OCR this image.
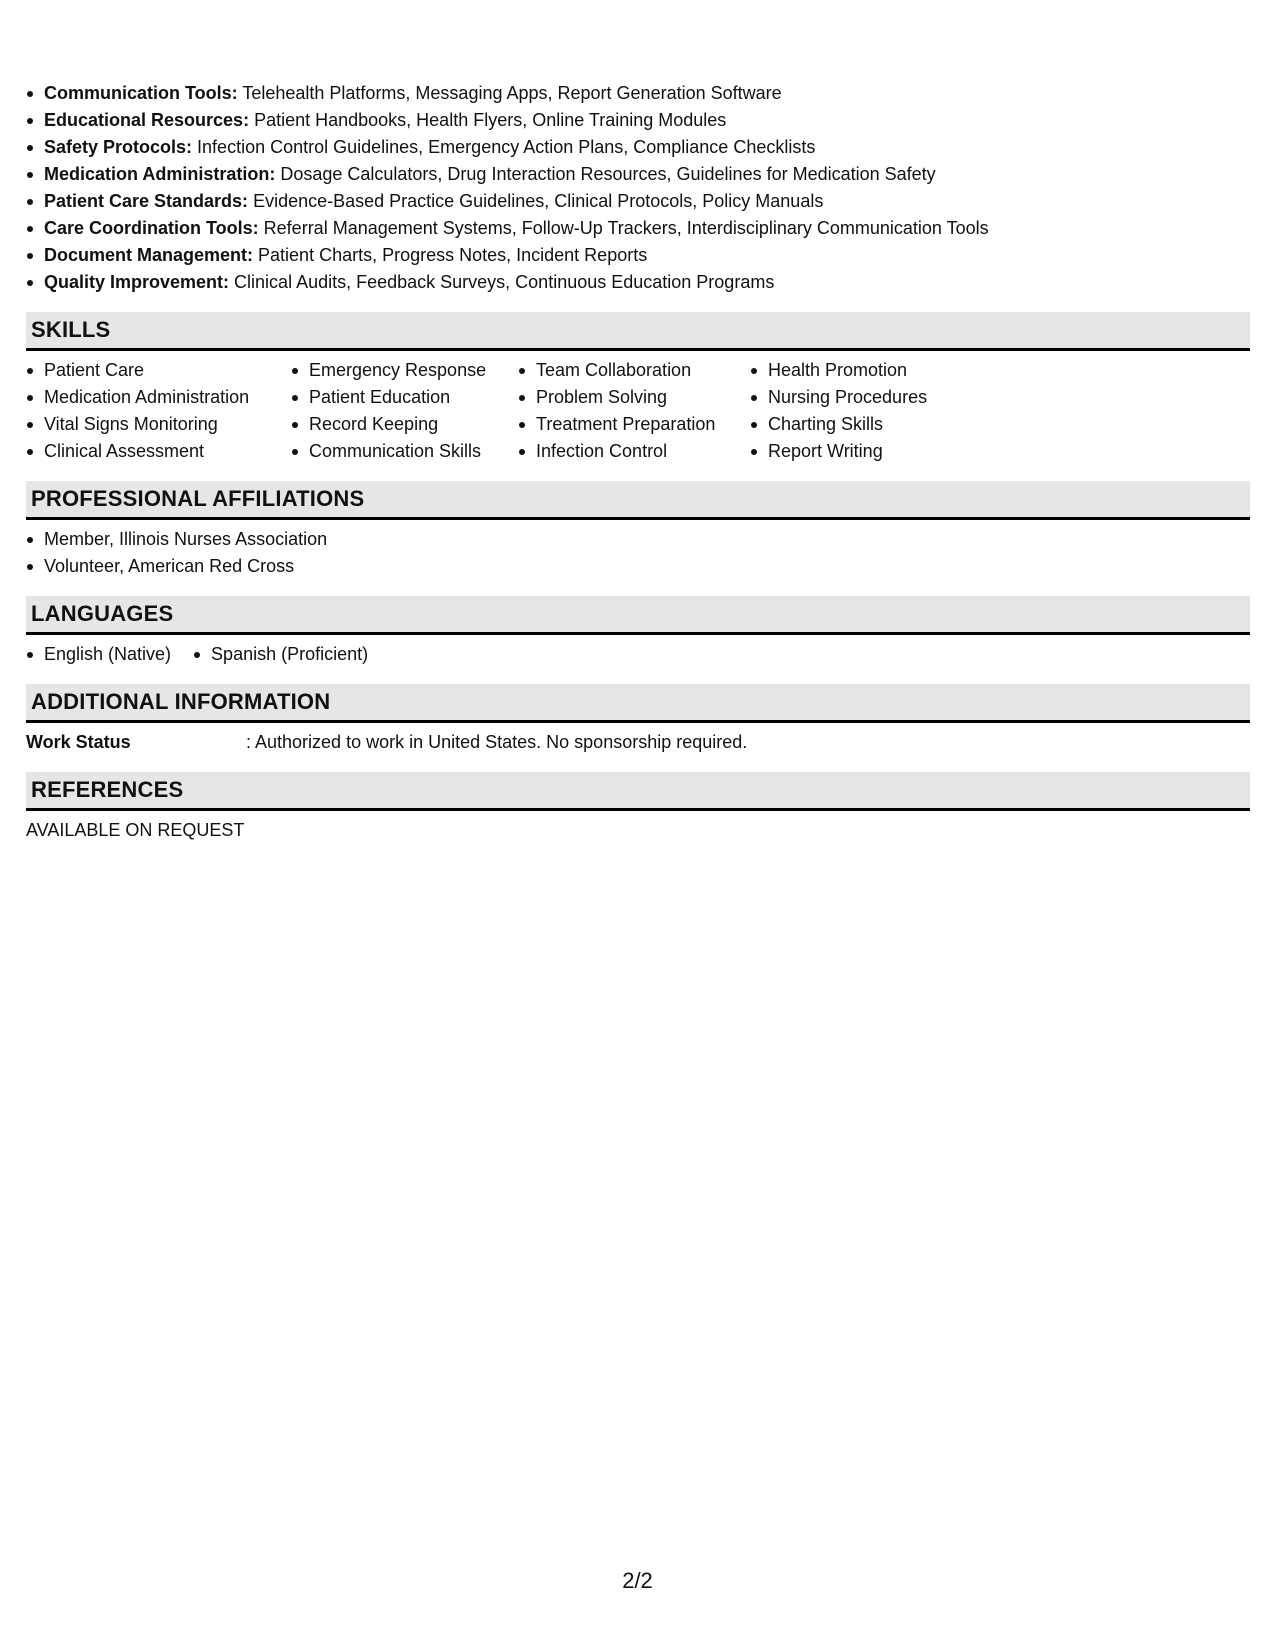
Communication Tools: Telehealth Platforms, Messaging Apps, Report Generation Software
Educational Resources: Patient Handbooks, Health Flyers, Online Training Modules
Safety Protocols: Infection Control Guidelines, Emergency Action Plans, Compliance Checklists
Medication Administration: Dosage Calculators, Drug Interaction Resources, Guidelines for Medication Safety
Patient Care Standards: Evidence-Based Practice Guidelines, Clinical Protocols, Policy Manuals
Care Coordination Tools: Referral Management Systems, Follow-Up Trackers, Interdisciplinary Communication Tools
Document Management: Patient Charts, Progress Notes, Incident Reports
Quality Improvement: Clinical Audits, Feedback Surveys, Continuous Education Programs
SKILLS
Patient Care
Medication Administration
Vital Signs Monitoring
Clinical Assessment
Emergency Response
Patient Education
Record Keeping
Communication Skills
Team Collaboration
Problem Solving
Treatment Preparation
Infection Control
Health Promotion
Nursing Procedures
Charting Skills
Report Writing
PROFESSIONAL AFFILIATIONS
Member, Illinois Nurses Association
Volunteer, American Red Cross
LANGUAGES
English (Native)	Spanish (Proficient)
ADDITIONAL INFORMATION
Work Status	: Authorized to work in United States. No sponsorship required.
REFERENCES
AVAILABLE ON REQUEST
2/2
